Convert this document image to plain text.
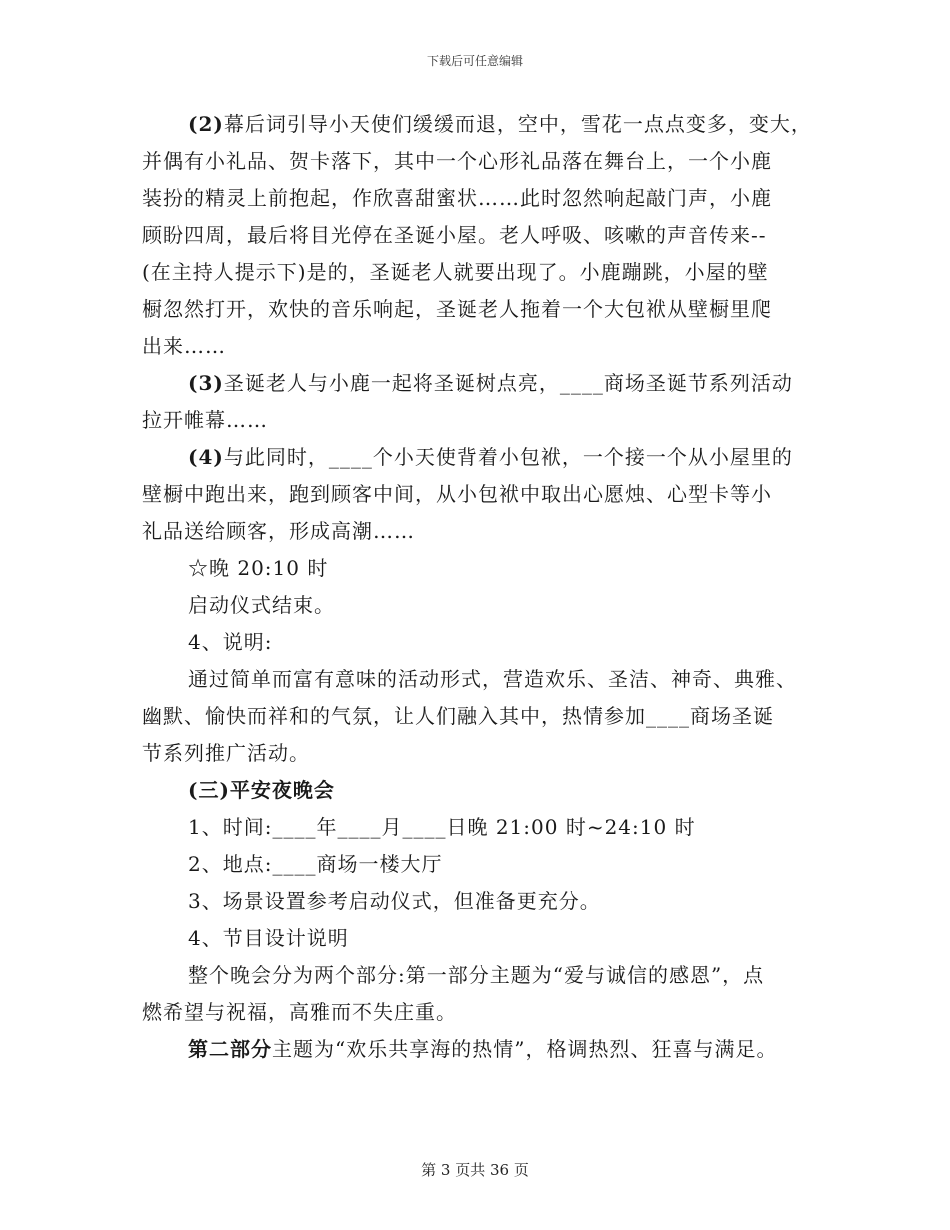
下载后可任意编辑
(2)幕后词引导小天使们缓缓而退，空中，雪花一点点变多，变大，
并偶有小礼品、贺卡落下，其中一个心形礼品落在舞台上，一个小鹿
装扮的精灵上前抱起，作欣喜甜蜜状……此时忽然响起敲门声，小鹿
顾盼四周，最后将目光停在圣诞小屋。老人呼吸、咳嗽的声音传来--
(在主持人提示下)是的，圣诞老人就要出现了。小鹿蹦跳，小屋的壁
橱忽然打开，欢快的音乐响起，圣诞老人拖着一个大包袱从壁橱里爬
出来……
(3)圣诞老人与小鹿一起将圣诞树点亮，____商场圣诞节系列活动
拉开帷幕……
(4)与此同时，____个小天使背着小包袱，一个接一个从小屋里的
壁橱中跑出来，跑到顾客中间，从小包袱中取出心愿烛、心型卡等小
礼品送给顾客，形成高潮……
☆晚 20:10 时
启动仪式结束。
4、说明:
通过简单而富有意味的活动形式，营造欢乐、圣洁、神奇、典雅、
幽默、愉快而祥和的气氛，让人们融入其中，热情参加____商场圣诞
节系列推广活动。
(三)平安夜晚会
1、时间:____年____月____日晚 21:00 时~24:10 时
2、地点:____商场一楼大厅
3、场景设置参考启动仪式，但准备更充分。
4、节目设计说明
整个晚会分为两个部分:第一部分主题为“爱与诚信的感恩”，点
燃希望与祝福，高雅而不失庄重。
第二部分主题为“欢乐共享海的热情”，格调热烈、狂喜与满足。
第 3 页共 36 页
